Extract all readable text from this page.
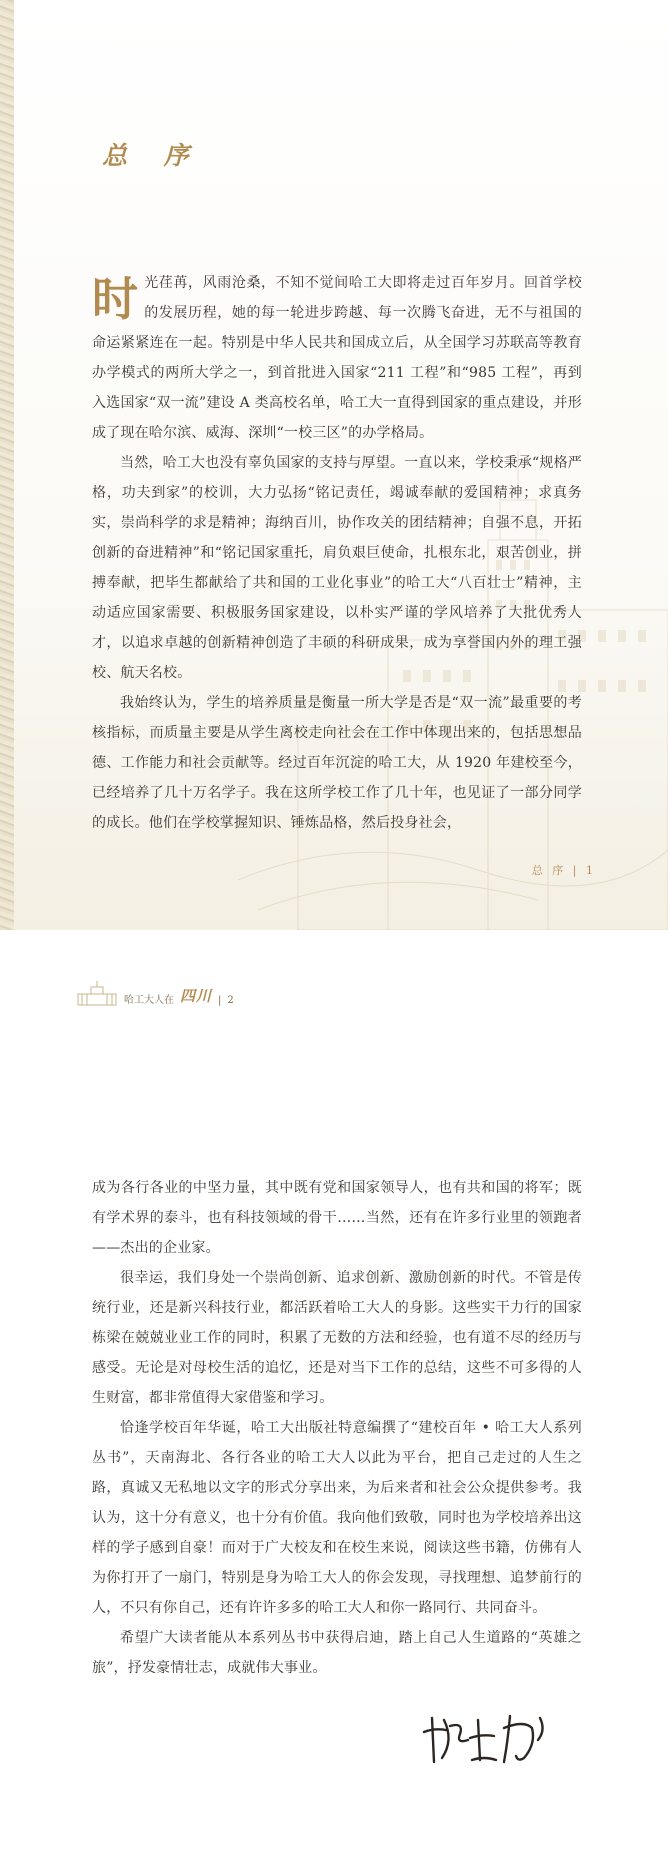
总 序

时光荏苒，风雨沧桑，不知不觉间哈工大即将走过百年岁月。回首学校的发展历程，她的每一轮进步跨越、每一次腾飞奋进，无不与祖国的命运紧紧连在一起。特别是中华人民共和国成立后，从全国学习苏联高等教育办学模式的两所大学之一，到首批进入国家“211 工程”和“985 工程”，再到入选国家“双一流”建设 A 类高校名单，哈工大一直得到国家的重点建设，并形成了现在哈尔滨、威海、深圳“一校三区”的办学格局。

当然，哈工大也没有辜负国家的支持与厚望。一直以来，学校秉承“规格严格，功夫到家”的校训，大力弘扬“铭记责任，竭诚奉献的爱国精神；求真务实，崇尚科学的求是精神；海纳百川，协作攻关的团结精神；自强不息，开拓创新的奋进精神”和“铭记国家重托，肩负艰巨使命，扎根东北，艰苦创业，拼搏奉献，把毕生都献给了共和国的工业化事业”的哈工大“八百壮士”精神，主动适应国家需要、积极服务国家建设，以朴实严谨的学风培养了大批优秀人才，以追求卓越的创新精神创造了丰硕的科研成果，成为享誉国内外的理工强校、航天名校。

我始终认为，学生的培养质量是衡量一所大学是否是“双一流”最重要的考核指标，而质量主要是从学生离校走向社会在工作中体现出来的，包括思想品德、工作能力和社会贡献等。经过百年沉淀的哈工大，从 1920 年建校至今，已经培养了几十万名学子。我在这所学校工作了几十年，也见证了一部分同学的成长。他们在学校掌握知识、锤炼品格，然后投身社会，

总 序 | 1
哈工大人在 四川 | 2

成为各行各业的中坚力量，其中既有党和国家领导人，也有共和国的将军；既有学术界的泰斗，也有科技领域的骨干……当然，还有在许多行业里的领跑者——杰出的企业家。

很幸运，我们身处一个崇尚创新、追求创新、激励创新的时代。不管是传统行业，还是新兴科技行业，都活跃着哈工大人的身影。这些实干力行的国家栋梁在兢兢业业工作的同时，积累了无数的方法和经验，也有道不尽的经历与感受。无论是对母校生活的追忆，还是对当下工作的总结，这些不可多得的人生财富，都非常值得大家借鉴和学习。

恰逢学校百年华诞，哈工大出版社特意编撰了“建校百年 • 哈工大人系列丛书”，天南海北、各行各业的哈工大人以此为平台，把自己走过的人生之路，真诚又无私地以文字的形式分享出来，为后来者和社会公众提供参考。我认为，这十分有意义，也十分有价值。我向他们致敬，同时也为学校培养出这样的学子感到自豪！而对于广大校友和在校生来说，阅读这些书籍，仿佛有人为你打开了一扇门，特别是身为哈工大人的你会发现，寻找理想、追梦前行的人，不只有你自己，还有许许多多的哈工大人和你一路同行、共同奋斗。

希望广大读者能从本系列丛书中获得启迪，踏上自己人生道路的“英雄之旅”，抒发豪情壮志，成就伟大事业。
